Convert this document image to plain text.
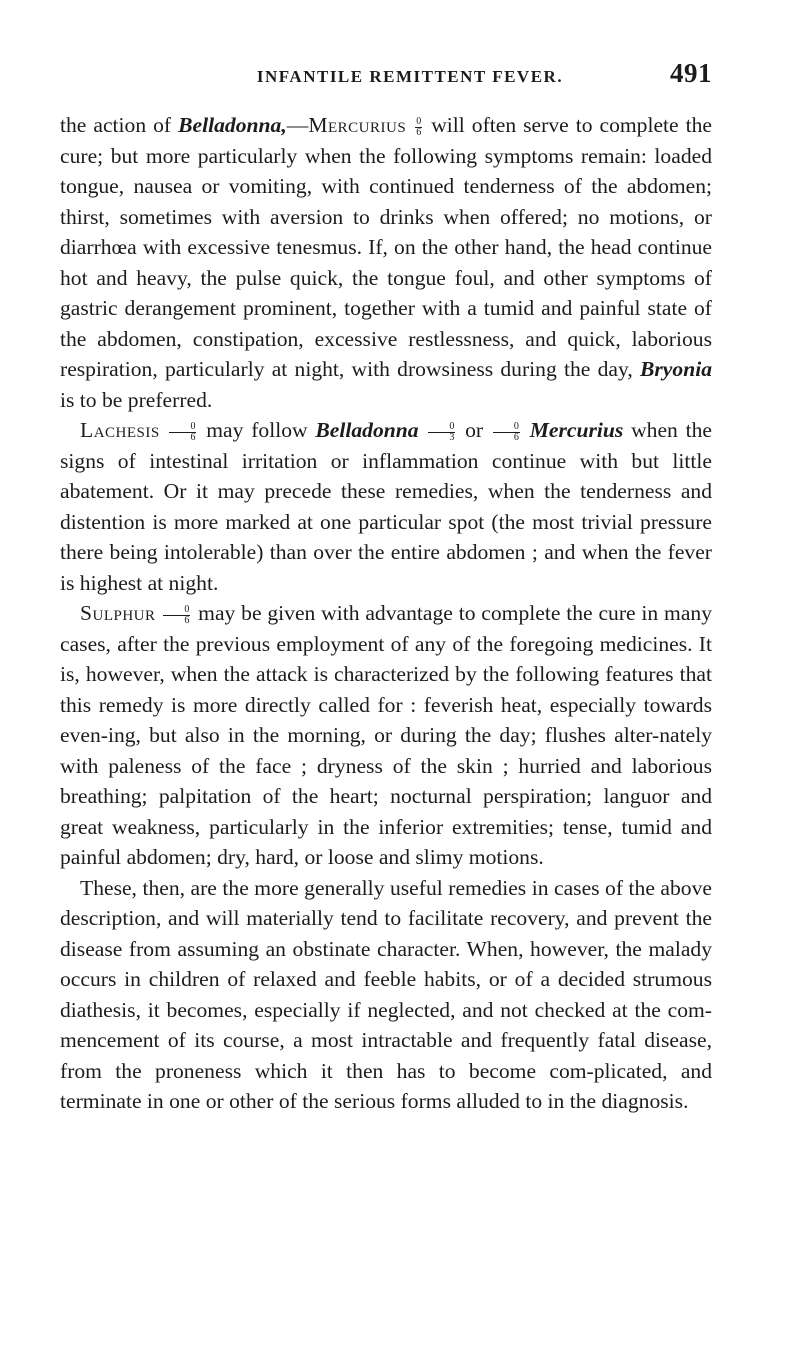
INFANTILE REMITTENT FEVER.	491

the action of Belladonna,—Mercurius $\frac{0}{6}$ will often serve to complete the cure; but more particularly when the following symptoms remain: loaded tongue, nausea or vomiting, with continued tenderness of the abdomen; thirst, sometimes with aversion to drinks when offered; no motions, or diarrhœa with excessive tenesmus. If, on the other hand, the head continue hot and heavy, the pulse quick, the tongue foul, and other symptoms of gastric derangement prominent, together with a tumid and painful state of the abdomen, constipation, excessive restlessness, and quick, laborious respiration, particularly at night, with drowsiness during the day, Bryonia is to be preferred.

Lachesis $\frac{0}{6}$ may follow Belladonna $\frac{0}{3}$ or $\frac{0}{6}$ Mercurius when the signs of intestinal irritation or inflammation continue with but little abatement. Or it may precede these remedies, when the tenderness and distention is more marked at one particular spot (the most trivial pressure there being intolerable) than over the entire abdomen ; and when the fever is highest at night.

Sulphur $\frac{0}{6}$ may be given with advantage to complete the cure in many cases, after the previous employment of any of the foregoing medicines. It is, however, when the attack is characterized by the following features that this remedy is more directly called for : feverish heat, especially towards even-ing, but also in the morning, or during the day; flushes alter-nately with paleness of the face ; dryness of the skin ; hurried and laborious breathing; palpitation of the heart; nocturnal perspiration; languor and great weakness, particularly in the inferior extremities; tense, tumid and painful abdomen; dry, hard, or loose and slimy motions.

These, then, are the more generally useful remedies in cases of the above description, and will materially tend to facilitate recovery, and prevent the disease from assuming an obstinate character. When, however, the malady occurs in children of relaxed and feeble habits, or of a decided strumous diathesis, it becomes, especially if neglected, and not checked at the com-mencement of its course, a most intractable and frequently fatal disease, from the proneness which it then has to become com-plicated, and terminate in one or other of the serious forms alluded to in the diagnosis.
